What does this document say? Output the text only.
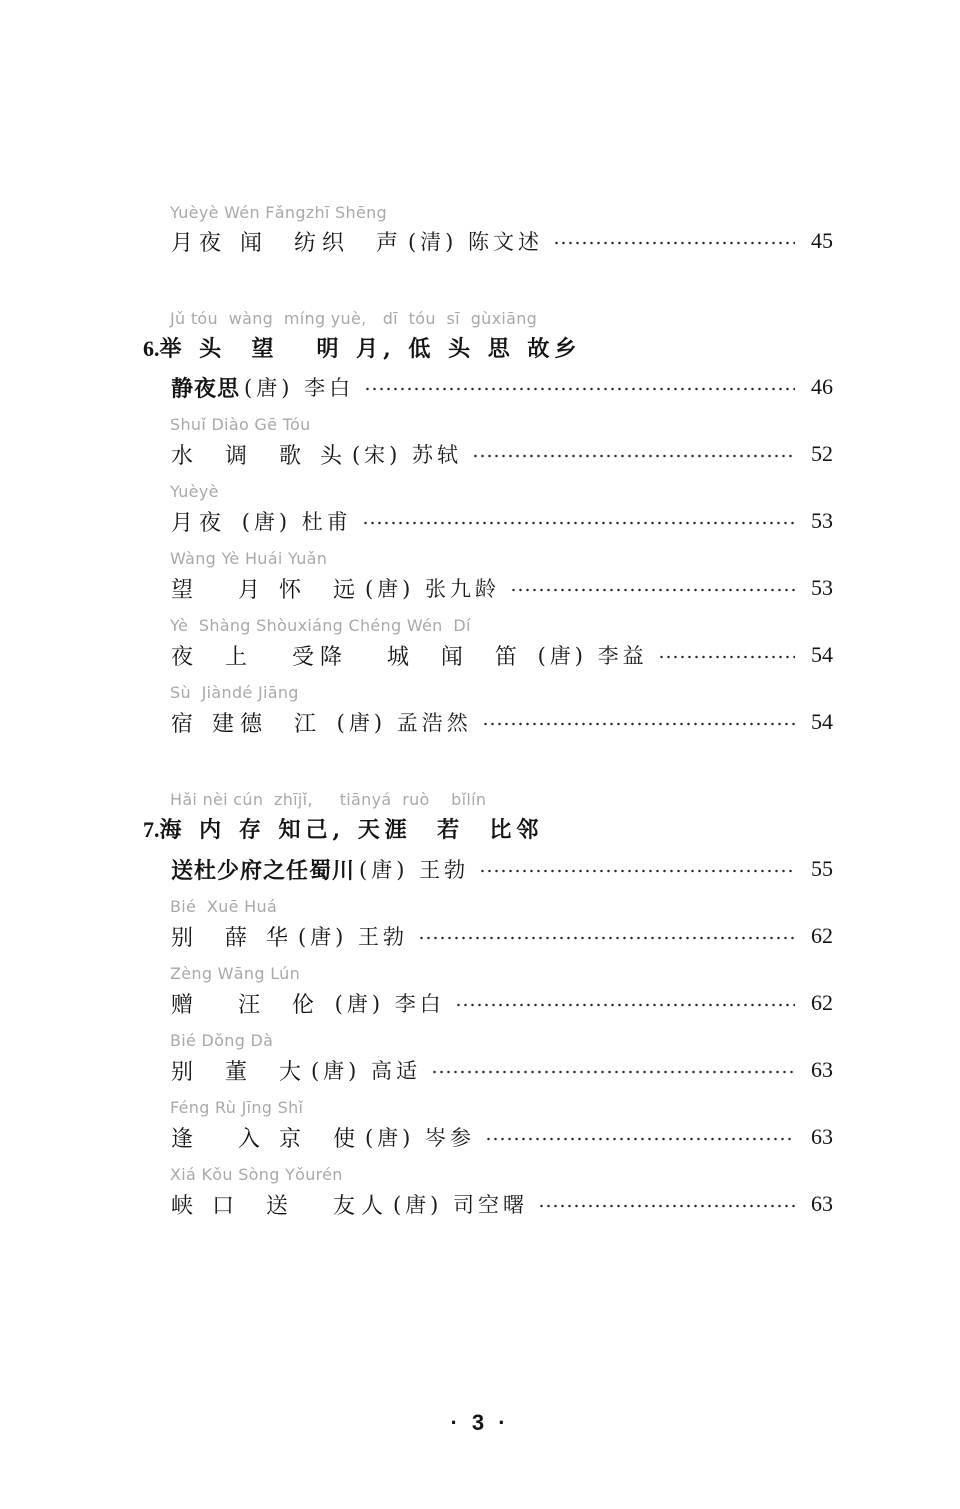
Yuèyè Wén Fǎngzhī Shēng
月夜 闻  纺织  声 (清) 陈文述	45
Jǔ tóu  wàng  míng yuè,   dī  tóu  sī  gùxiāng
6.举 头  望   明 月, 低 头 思 故乡
静夜思 (唐) 李白	46
Shuǐ Diào Gē Tóu
水  调  歌 头 (宋) 苏轼	52
Yuèyè
月夜 (唐) 杜甫	53
Wàng Yè Huái Yuǎn
望   月 怀  远 (唐) 张九龄	53
Yè  Shàng Shòuxiáng Chéng Wén  Dí
夜  上   受降   城  闻  笛 (唐) 李益	54
Sù  Jiàndé Jiāng
宿 建德  江 (唐) 孟浩然	54
Hǎi nèi cún  zhījǐ,     tiānyá  ruò    bǐlín
7.海 内 存 知己, 天涯  若  比邻
送杜少府之任蜀川 (唐) 王勃	55
Bié  Xuē Huá
别  薛 华 (唐) 王勃	62
Zèng Wāng Lún
赠   汪  伦 (唐) 李白	62
Bié Dǒng Dà
别  董  大 (唐) 高适	63
Féng Rù Jīng Shǐ
逢   入 京  使 (唐) 岑参	63
Xiá Kǒu Sòng Yǒurén
峡 口  送   友人 (唐) 司空曙	63
· 3 ·
